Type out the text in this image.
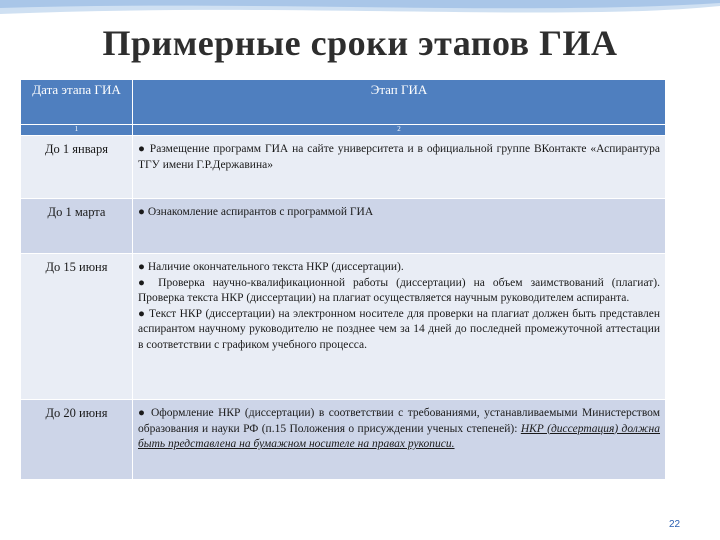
Примерные сроки этапов ГИА
Дата этапа ГИА	Этап ГИА
1	2
До 1 января	● Размещение программ ГИА на сайте университета и в официальной группе ВКонтакте «Аспирантура ТГУ имени Г.Р.Державина»

До 1 марта	● Ознакомление аспирантов с программой ГИА

До 15 июня	● Наличие окончательного текста НКР (диссертации).

● Проверка научно-квалификационной работы (диссертации) на объем заимствований (плагиат). Проверка текста НКР (диссертации) на плагиат осуществляется научным руководителем аспиранта.

● Текст НКР (диссертации) на электронном носителе для проверки на плагиат должен быть представлен аспирантом научному руководителю не позднее чем за 14 дней до последней промежуточной аттестации в соответствии с графиком учебного процесса.

До 20 июня	● Оформление НКР (диссертации) в соответствии с требованиями, устанавливаемыми Министерством образования и науки РФ (п.15 Положения о присуждении ученых степеней): НКР (диссертация) должна быть представлена на бумажном носителе на правах рукописи.

22
